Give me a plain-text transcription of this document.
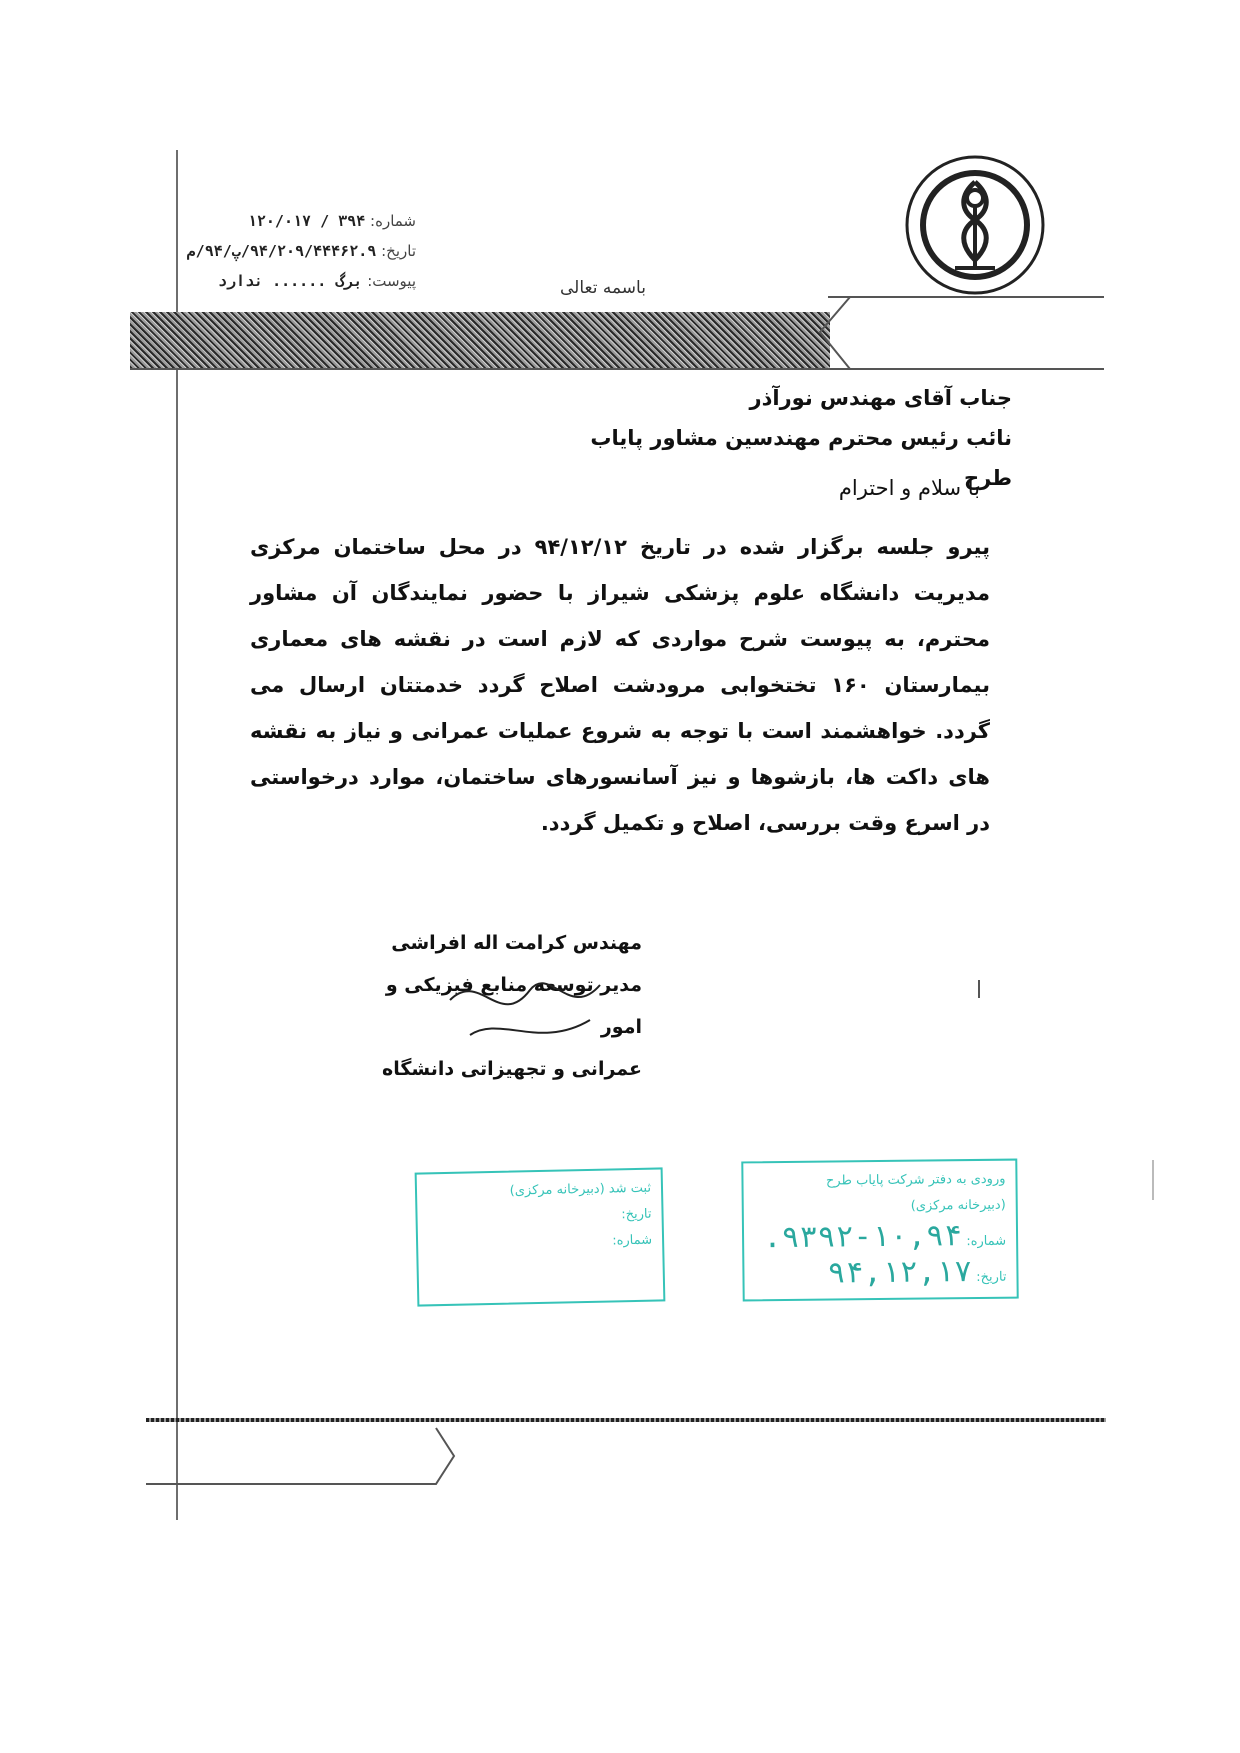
شماره: ۳۹۴ / ۱۲۰/۰۱۷
تاریخ: ۹۴/۲۰۹/۴۴۴۶۲.۹/پ/۹۴/م
پیوست: برگ ...... ندارد	باسمه تعالی
جناب آقای مهندس نورآذر
نائب رئیس محترم مهندسین مشاور پایاب طرح
با سلام و احترام
پیرو جلسه برگزار شده در تاریخ ۹۴/۱۲/۱۲ در محل ساختمان مرکزی مدیریت دانشگاه علوم پزشکی شیراز با حضور نمایندگان آن مشاور محترم، به پیوست شرح مواردی که لازم است در نقشه های معماری بیمارستان ۱۶۰ تختخوابی مرودشت اصلاح گردد خدمتتان ارسال می گردد. خواهشمند است با توجه به شروع عملیات عمرانی و نیاز به نقشه های داکت ها، بازشوها و نیز آسانسورهای ساختمان، موارد درخواستی در اسرع وقت بررسی، اصلاح و تکمیل گردد.
مهندس کرامت اله افراشی
مدیر توسعه منابع فیزیکی و امور
عمرانی و تجهیزاتی دانشگاه
ثبت شد (دبیرخانه مرکزی)
تاریخ:
شماره:
ورودی به دفتر شرکت پایاب طرح
(دبیرخانه مرکزی)
شماره: ۱۰,۹۴-۹۳۹۲.
تاریخ: ۹۴,۱۲,۱۷
